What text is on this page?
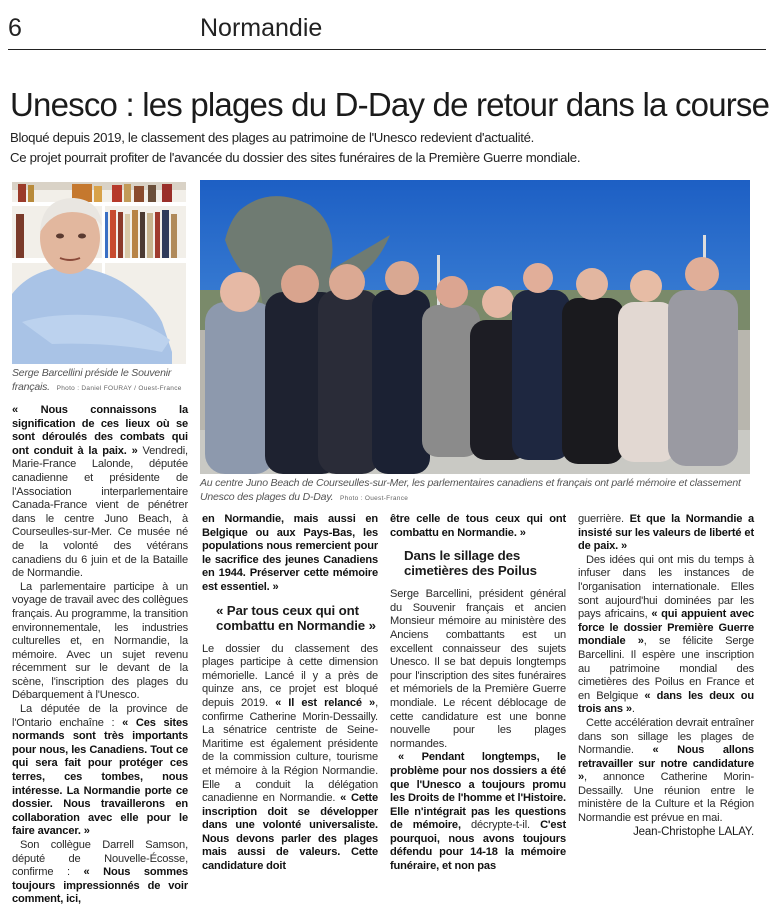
6	Normandie
Unesco : les plages du D-Day de retour dans la course
Bloqué depuis 2019, le classement des plages au patrimoine de l'Unesco redevient d'actualité.
Ce projet pourrait profiter de l'avancée du dossier des sites funéraires de la Première Guerre mondiale.
Serge Barcellini préside le Souvenir français. Photo : Daniel FOURAY / Ouest-France
Au centre Juno Beach de Courseulles-sur-Mer, les parlementaires canadiens et français ont parlé mémoire et classement Unesco des plages du D-Day. Photo : Ouest-France

« Nous connaissons la signification de ces lieux où se sont déroulés des combats qui ont conduit à la paix. » Vendredi, Marie-France Lalonde, députée canadienne et présidente de l'Association interparlementaire Canada-France vient de pénétrer dans le centre Juno Beach, à Courseulles-sur-Mer. Ce musée né de la volonté des vétérans canadiens du 6 juin et de la Bataille de Normandie.

La parlementaire participe à un voyage de travail avec des collègues français. Au programme, la transition environnementale, les industries culturelles et, en Normandie, la mémoire. Avec un sujet revenu récemment sur le devant de la scène, l'inscription des plages du Débarquement à l'Unesco.

La députée de la province de l'Ontario enchaîne : « Ces sites normands sont très importants pour nous, les Canadiens. Tout ce qui sera fait pour protéger ces terres, ces tombes, nous intéresse. La Normandie porte ce dossier. Nous travaillerons en collaboration avec elle pour le faire avancer. »

Son collègue Darrell Samson, député de Nouvelle-Écosse, confirme : « Nous sommes toujours impressionnés de voir comment, ici,

en Normandie, mais aussi en Belgique ou aux Pays-Bas, les populations nous remercient pour le sacrifice des jeunes Canadiens en 1944. Préserver cette mémoire est essentiel. »

« Par tous ceux qui ont combattu en Normandie »

Le dossier du classement des plages participe à cette dimension mémorielle. Lancé il y a près de quinze ans, ce projet est bloqué depuis 2019. « Il est relancé », confirme Catherine Morin-Dessailly. La sénatrice centriste de Seine-Maritime est également présidente de la commission culture, tourisme et mémoire à la Région Normandie. Elle a conduit la délégation canadienne en Normandie. « Cette inscription doit se développer dans une volonté universaliste. Nous devons parler des plages mais aussi de valeurs. Cette candidature doit

être celle de tous ceux qui ont combattu en Normandie. »

Dans le sillage des cimetières des Poilus

Serge Barcellini, président général du Souvenir français et ancien Monsieur mémoire au ministère des Anciens combattants est un excellent connaisseur des sujets Unesco. Il se bat depuis longtemps pour l'inscription des sites funéraires et mémoriels de la Première Guerre mondiale. Le récent déblocage de cette candidature est une bonne nouvelle pour les plages normandes.

« Pendant longtemps, le problème pour nos dossiers a été que l'Unesco a toujours promu les Droits de l'homme et l'Histoire. Elle n'intégrait pas les questions de mémoire, décrypte-t-il. C'est pourquoi, nous avons toujours défendu pour 14-18 la mémoire funéraire, et non pas

guerrière. Et que la Normandie a insisté sur les valeurs de liberté et de paix. »

Des idées qui ont mis du temps à infuser dans les instances de l'organisation internationale. Elles sont aujourd'hui dominées par les pays africains, « qui appuient avec force le dossier Première Guerre mondiale », se félicite Serge Barcellini. Il espère une inscription au patrimoine mondial des cimetières des Poilus en France et en Belgique « dans les deux ou trois ans ».

Cette accélération devrait entraîner dans son sillage les plages de Normandie. « Nous allons retravailler sur notre candidature », annonce Catherine Morin-Dessailly. Une réunion entre le ministère de la Culture et la Région Normandie est prévue en mai.

Jean-Christophe LALAY.
